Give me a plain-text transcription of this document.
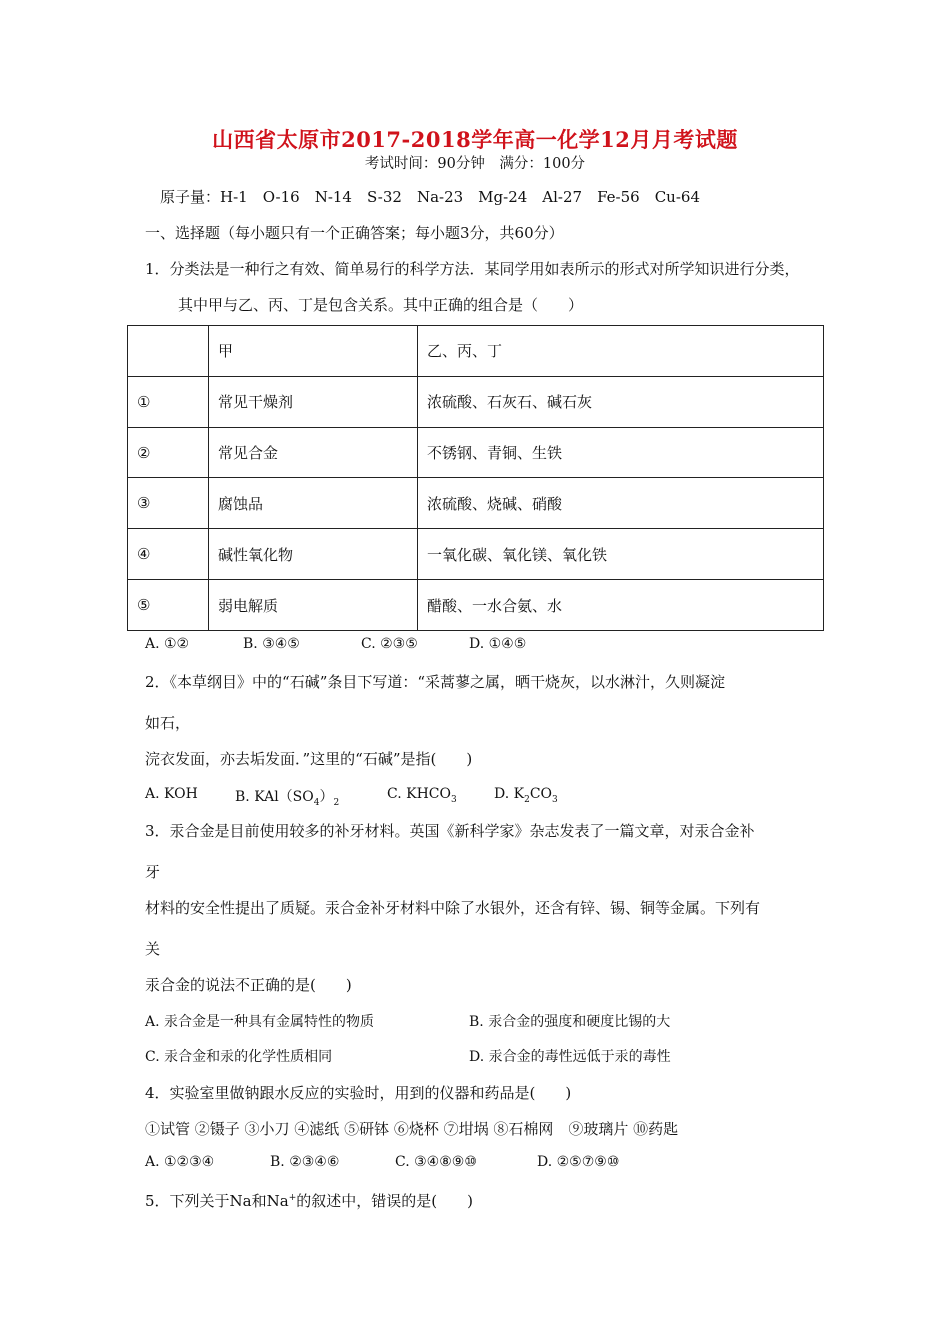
山西省太原市2017-2018学年高一化学12月月考试题
考试时间：90分钟　满分：100分
原子量：H-1　O-16　N-14　S-32　Na-23　Mg-24　Al-27　Fe-56　Cu-64
一、选择题（每小题只有一个正确答案；每小题3分，共60分）
1．分类法是一种行之有效、简单易行的科学方法．某同学用如表所示的形式对所学知识进行分类，
其中甲与乙、丙、丁是包含关系。其中正确的组合是（　　）
	甲	乙、丙、丁
①	常见干燥剂	浓硫酸、石灰石、碱石灰
②	常见合金	不锈钢、青铜、生铁
③	腐蚀品	浓硫酸、烧碱、硝酸
④	碱性氧化物	一氧化碳、氧化镁、氧化铁
⑤	弱电解质	醋酸、一水合氨、水
A. ①②	B. ③④⑤	C. ②③⑤	D. ①④⑤
2．《本草纲目》中的“石碱”条目下写道：“采蒿蓼之属，晒干烧灰，以水淋汁，久则凝淀
如石，
浣衣发面，亦去垢发面．”这里的“石碱”是指(　　)
A. KOH	B. $KAl(SO_4)_2$
C. $KHCO_3$	D. $K_2CO_3$
3．汞合金是目前使用较多的补牙材料。英国《新科学家》杂志发表了一篇文章，对汞合金补
牙
材料的安全性提出了质疑。汞合金补牙材料中除了水银外，还含有锌、锡、铜等金属。下列有
关
汞合金的说法不正确的是(　　)
A. 汞合金是一种具有金属特性的物质	B. 汞合金的强度和硬度比锡的大
C. 汞合金和汞的化学性质相同	D. 汞合金的毒性远低于汞的毒性
4．实验室里做钠跟水反应的实验时，用到的仪器和药品是(　　)
①试管 ②镊子 ③小刀 ④滤纸 ⑤研钵 ⑥烧杯 ⑦坩埚 ⑧石棉网　⑨玻璃片 ⑩药匙
A. ①②③④	B. ②③④⑥	C. ③④⑧⑨⑩	D. ②⑤⑦⑨⑩
5．下列关于Na和Na+的叙述中，错误的是(　　)
